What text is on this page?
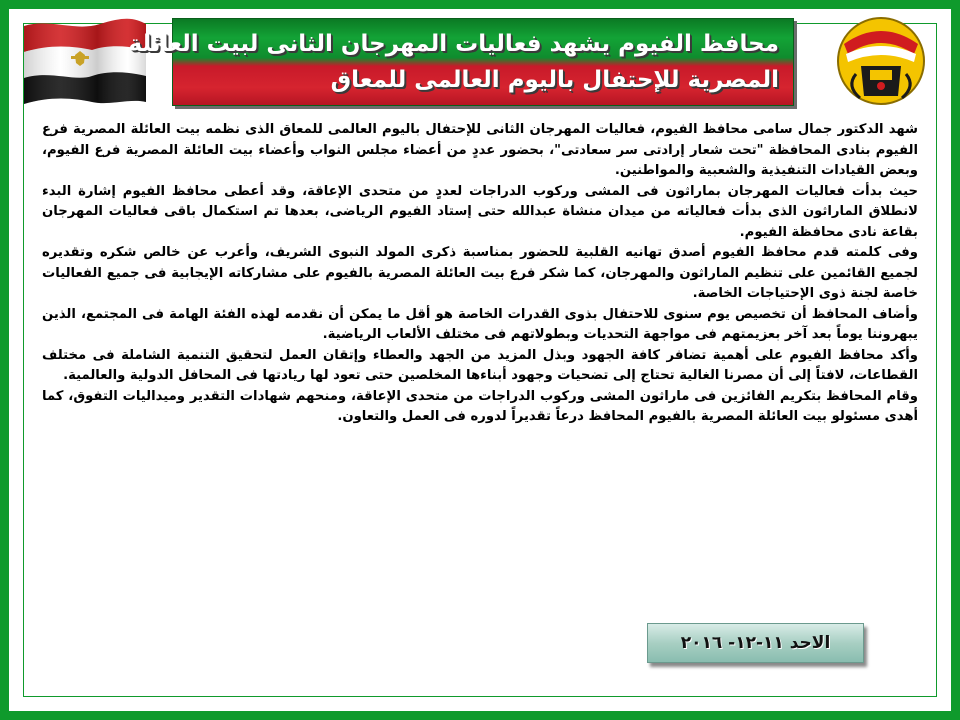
محافظ الفيوم يشهد فعاليات المهرجان الثانى لبيت العائلة
المصرية للإحتفال باليوم العالمى للمعاق

شهد الدكتور جمال سامى محافظ الفيوم، فعاليات المهرجان الثانى للإحتفال باليوم العالمى للمعاق الذى نظمه بيت العائلة المصرية فرع الفيوم بنادى المحافظة "تحت شعار إرادتى سر سعادتى"، بحضور عددٍ من أعضاء مجلس النواب وأعضاء بيت العائلة المصرية فرع الفيوم، وبعض القيادات التنفيذية والشعبية والمواطنين.

حيث بدأت فعاليات المهرجان بماراثون فى المشى وركوب الدراجات لعددٍ من متحدى الإعاقة، وقد أعطى محافظ الفيوم إشارة البدء لانطلاق الماراثون الذى بدأت فعالياته من ميدان منشاة عبدالله حتى إستاد الفيوم الرياضى، بعدها تم استكمال باقى فعاليات المهرجان بقاعة نادى محافظة الفيوم.

وفى كلمته قدم محافظ الفيوم أصدق تهانيه القلبية للحضور بمناسبة ذكرى المولد النبوى الشريف، وأعرب عن خالص شكره وتقديره لجميع القائمين على تنظيم الماراثون والمهرجان، كما شكر فرع بيت العائلة المصرية بالفيوم على مشاركاته الإيجابية فى جميع الفعاليات خاصة لجنة ذوى الإحتياجات الخاصة.

وأضاف المحافظ أن تخصيص يوم سنوى للاحتفال بذوى القدرات الخاصة هو أقل ما يمكن أن نقدمه لهذه الفئة الهامة فى المجتمع، الذين يبهروننا يوماً بعد آخر بعزيمتهم فى مواجهة التحديات وبطولاتهم فى مختلف الألعاب الرياضية.

وأكد محافظ الفيوم على أهمية تضافر كافة الجهود وبذل المزيد من الجهد والعطاء وإتقان العمل لتحقيق التنمية الشاملة فى مختلف القطاعات، لافتاً إلى أن مصرنا الغالية تحتاج إلى تضحيات وجهود أبناءها المخلصين حتى تعود لها ريادتها فى المحافل الدولية والعالمية.

وقام المحافظ بتكريم الفائزين فى ماراثون المشى وركوب الدراجات من متحدى الإعاقة، ومنحهم شهادات التقدير وميداليات التفوق، كما أهدى مسئولو بيت العائلة المصرية بالفيوم المحافظ درعاً تقديراً لدوره فى العمل والتعاون.

الاحد ١١-١٢- ٢٠١٦
